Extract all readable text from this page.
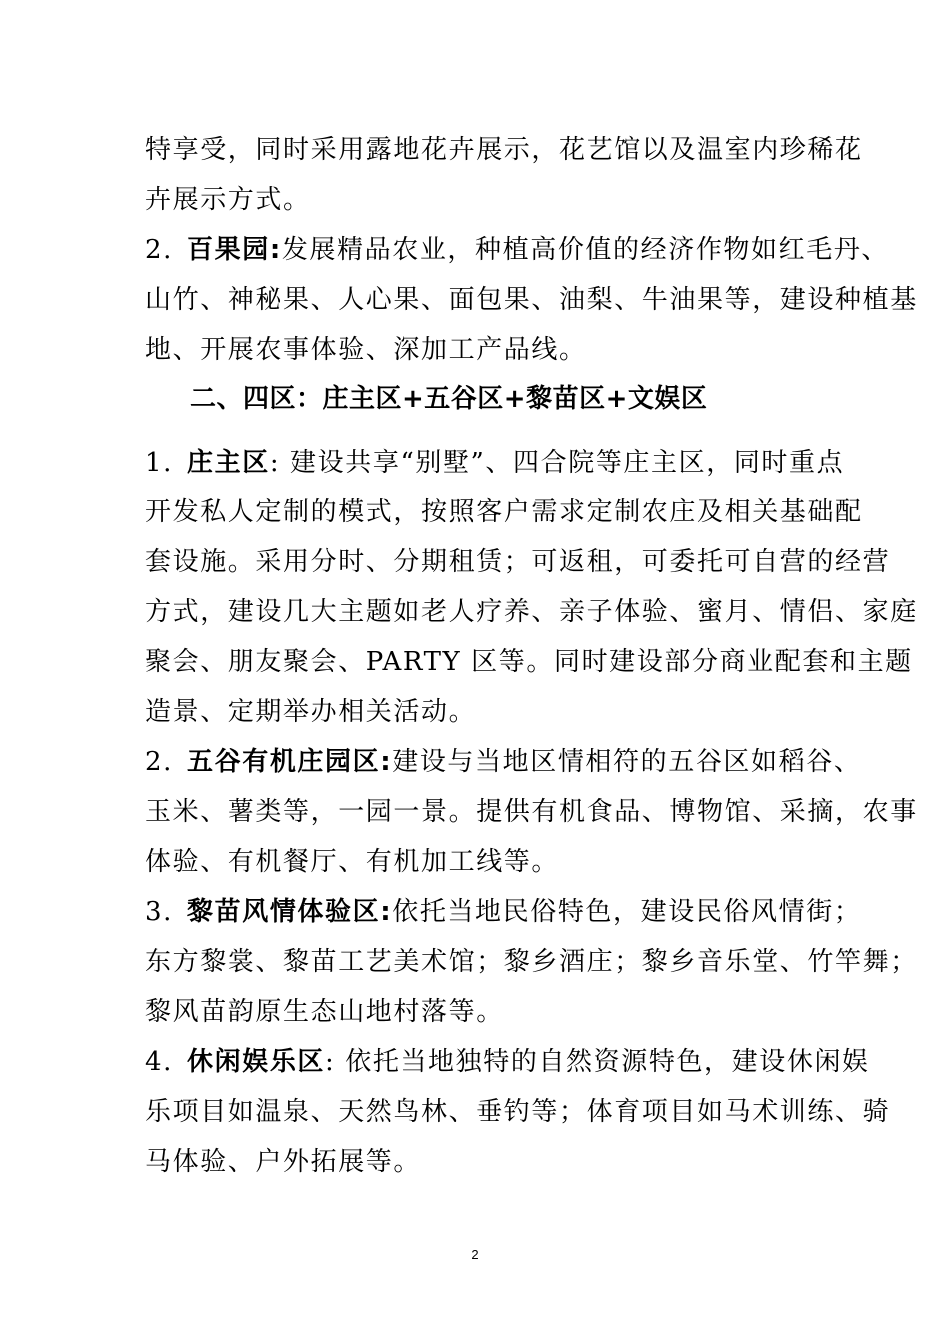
特享受，同时采用露地花卉展示，花艺馆以及温室内珍稀花
卉展示方式。
2. 百果园:发展精品农业，种植高价值的经济作物如红毛丹、
山竹、神秘果、人心果、面包果、油梨、牛油果等，建设种植基
地、开展农事体验、深加工产品线。
二、四区：庄主区+五谷区+黎苗区+文娱区
1. 庄主区: 建设共享“别墅”、四合院等庄主区，同时重点
开发私人定制的模式，按照客户需求定制农庄及相关基础配
套设施。采用分时、分期租赁；可返租，可委托可自营的经营
方式，建设几大主题如老人疗养、亲子体验、蜜月、情侣、家庭
聚会、朋友聚会、PARTY 区等。同时建设部分商业配套和主题
造景、定期举办相关活动。
2. 五谷有机庄园区:建设与当地区情相符的五谷区如稻谷、
玉米、薯类等，一园一景。提供有机食品、博物馆、采摘，农事
体验、有机餐厅、有机加工线等。
3. 黎苗风情体验区:依托当地民俗特色，建设民俗风情街；
东方黎裳、黎苗工艺美术馆；黎乡酒庄；黎乡音乐堂、竹竿舞；
黎风苗韵原生态山地村落等。
4. 休闲娱乐区: 依托当地独特的自然资源特色，建设休闲娱
乐项目如温泉、天然鸟林、垂钓等；体育项目如马术训练、骑
马体验、户外拓展等。
2
